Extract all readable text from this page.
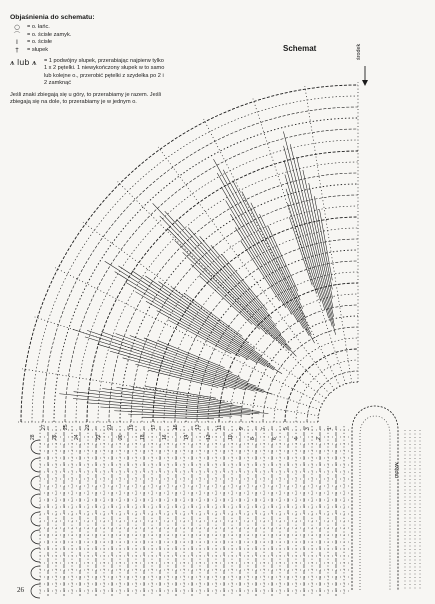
Objaśnienia do schematu:
○	= o. łańc.
⌒	= o. ścisłe zamyk.
I	= o. ścisłe
†	= słupek
⩚ lub ⩚	= 1 podwójny słupek, przerabiając najpierw tylko 1 x 2 pętelki. 1 niewykończony słupek w to samo lub kolejne o., przerobić pętelki z szydełka po 2 i 2 zamknąć
Jeśli znaki zbiegają się u góry, to przerabiamy je razem. Jeśli zbiegają się na dole, to przerabiamy je w jednym o.
Schemat	środek
motyw
26
28
27
26
25
24
23
22
21
20
19
18
17
16
15
14
13
12
11
10
9
8
7
6
5
4
3
2
1
